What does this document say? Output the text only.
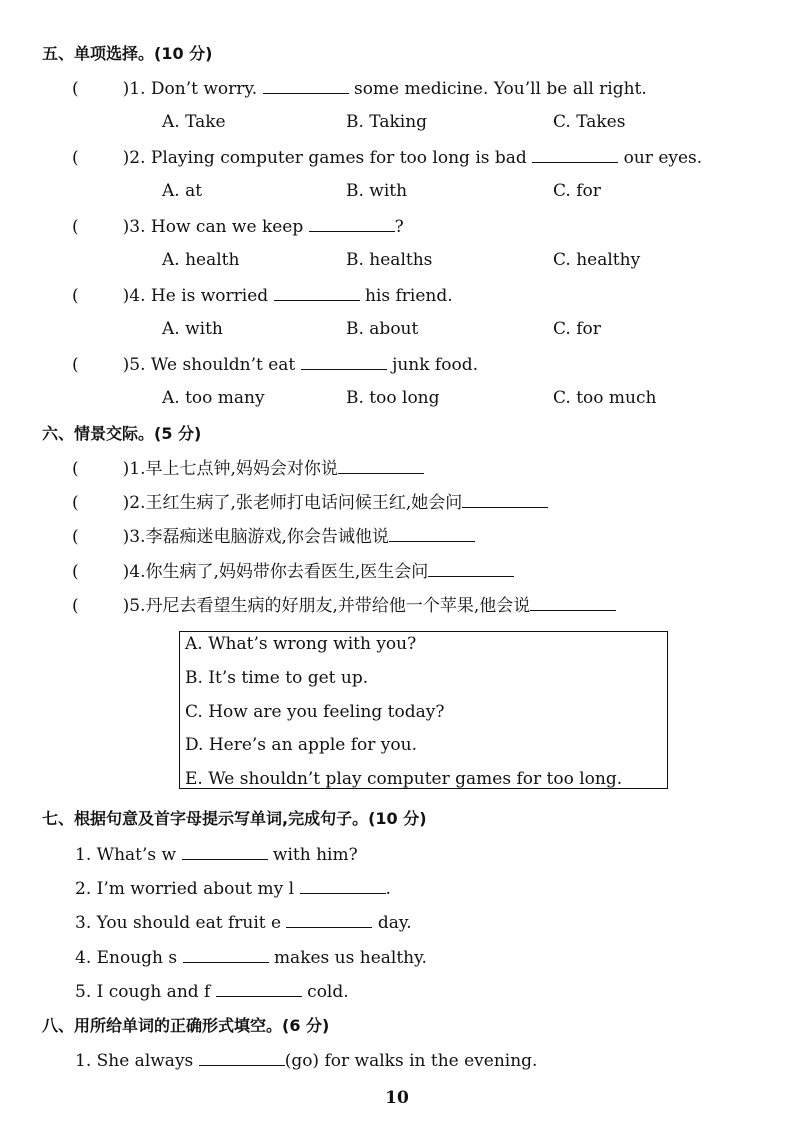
五、单项选择。(10 分)
(	)1. Don’t worry.	some medicine. You’ll be all right.
A. Take	B. Taking	C. Takes
(	)2. Playing computer games for too long is bad	our eyes.
A. at	B. with	C. for
(	)3. How can we keep	?
A. health	B. healths	C. healthy
(	)4. He is worried	his friend.
A. with	B. about	C. for
(	)5. We shouldn’t eat	junk food.
A. too many	B. too long	C. too much
六、情景交际。(5 分)
(	)1.早上七点钟,妈妈会对你说
(	)2.王红生病了,张老师打电话问候王红,她会问
(	)3.李磊痴迷电脑游戏,你会告诫他说
(	)4.你生病了,妈妈带你去看医生,医生会问
(	)5.丹尼去看望生病的好朋友,并带给他一个苹果,他会说
A. What’s wrong with you?
B. It’s time to get up.
C. How are you feeling today?
D. Here’s an apple for you.
E. We shouldn’t play computer games for too long.
七、根据句意及首字母提示写单词,完成句子。(10 分)
1. What’s w	with him?
2. I’m worried about my l	.
3. You should eat fruit e	day.
4. Enough s	makes us healthy.
5. I cough and f	cold.
八、用所给单词的正确形式填空。(6 分)
1. She always	(go) for walks in the evening.
10
